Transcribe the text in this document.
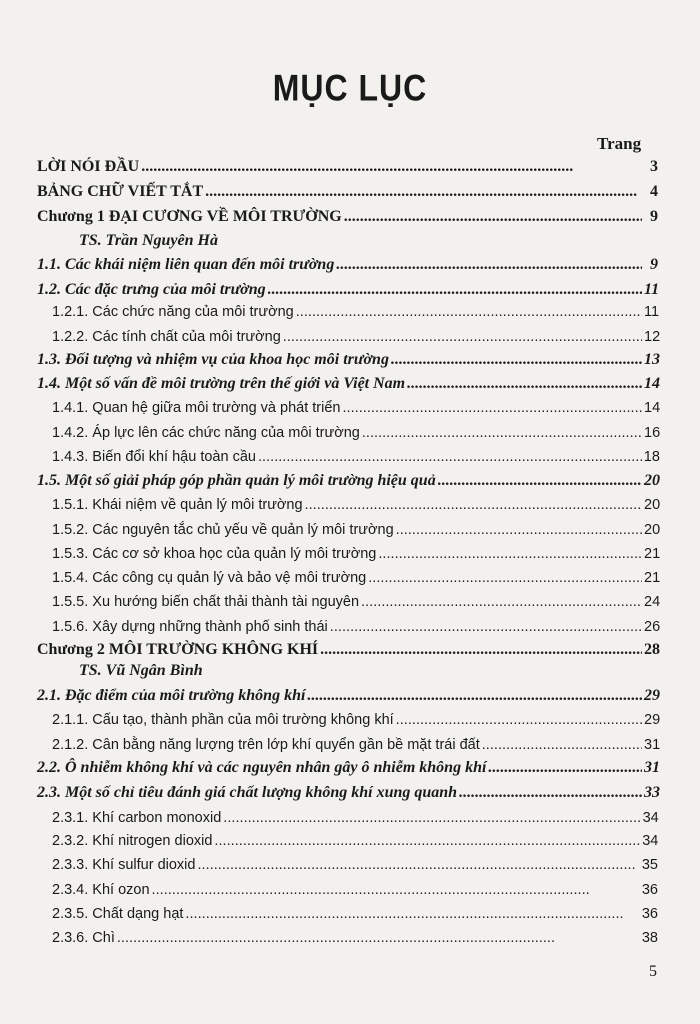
MỤC LỤC
Trang
LỜI NÓI ĐẦU . . .	3
BẢNG CHỮ VIẾT TẮT . . .	4
Chương 1 ĐẠI CƯƠNG VỀ MÔI TRƯỜNG . . .	9
TS. Trần Nguyên Hà
1.1. Các khái niệm liên quan đến môi trường . . .	9
1.2. Các đặc trưng của môi trường . . .	11
1.2.1. Các chức năng của môi trường . . .	11
1.2.2. Các tính chất của môi trường . . .	12
1.3. Đối tượng và nhiệm vụ của khoa học môi trường . . .	13
1.4. Một số vấn đề môi trường trên thế giới và Việt Nam . . .	14
1.4.1. Quan hệ giữa môi trường và phát triển . . .	14
1.4.2. Áp lực lên các chức năng của môi trường . . .	16
1.4.3. Biến đổi khí hậu toàn cầu . . .	18
1.5. Một số giải pháp góp phần quản lý môi trường hiệu quả . . .	20
1.5.1. Khái niệm về quản lý môi trường . . .	20
1.5.2. Các nguyên tắc chủ yếu về quản lý môi trường . . .	20
1.5.3. Các cơ sở khoa học của quản lý môi trường . . .	21
1.5.4. Các công cụ quản lý và bảo vệ môi trường . . .	21
1.5.5. Xu hướng biến chất thải thành tài nguyên . . .	24
1.5.6. Xây dựng những thành phố sinh thái . . .	26
Chương 2 MÔI TRƯỜNG KHÔNG KHÍ . . .	28
TS. Vũ Ngân Bình
2.1. Đặc điểm của môi trường không khí . . .	29
2.1.1. Cấu tạo, thành phần của môi trường không khí . . .	29
2.1.2. Cân bằng năng lượng trên lớp khí quyển gần bề mặt trái đất . . .	31
2.2. Ô nhiễm không khí và các nguyên nhân gây ô nhiễm không khí . . .	31
2.3. Một số chỉ tiêu đánh giá chất lượng không khí xung quanh . . .	33
2.3.1. Khí carbon monoxid . . .	34
2.3.2. Khí nitrogen dioxid . . .	34
2.3.3. Khí sulfur dioxid . . .	35
2.3.4. Khí ozon . . .	36
2.3.5. Chất dạng hạt . . .	36
2.3.6. Chì . . .	38
5
